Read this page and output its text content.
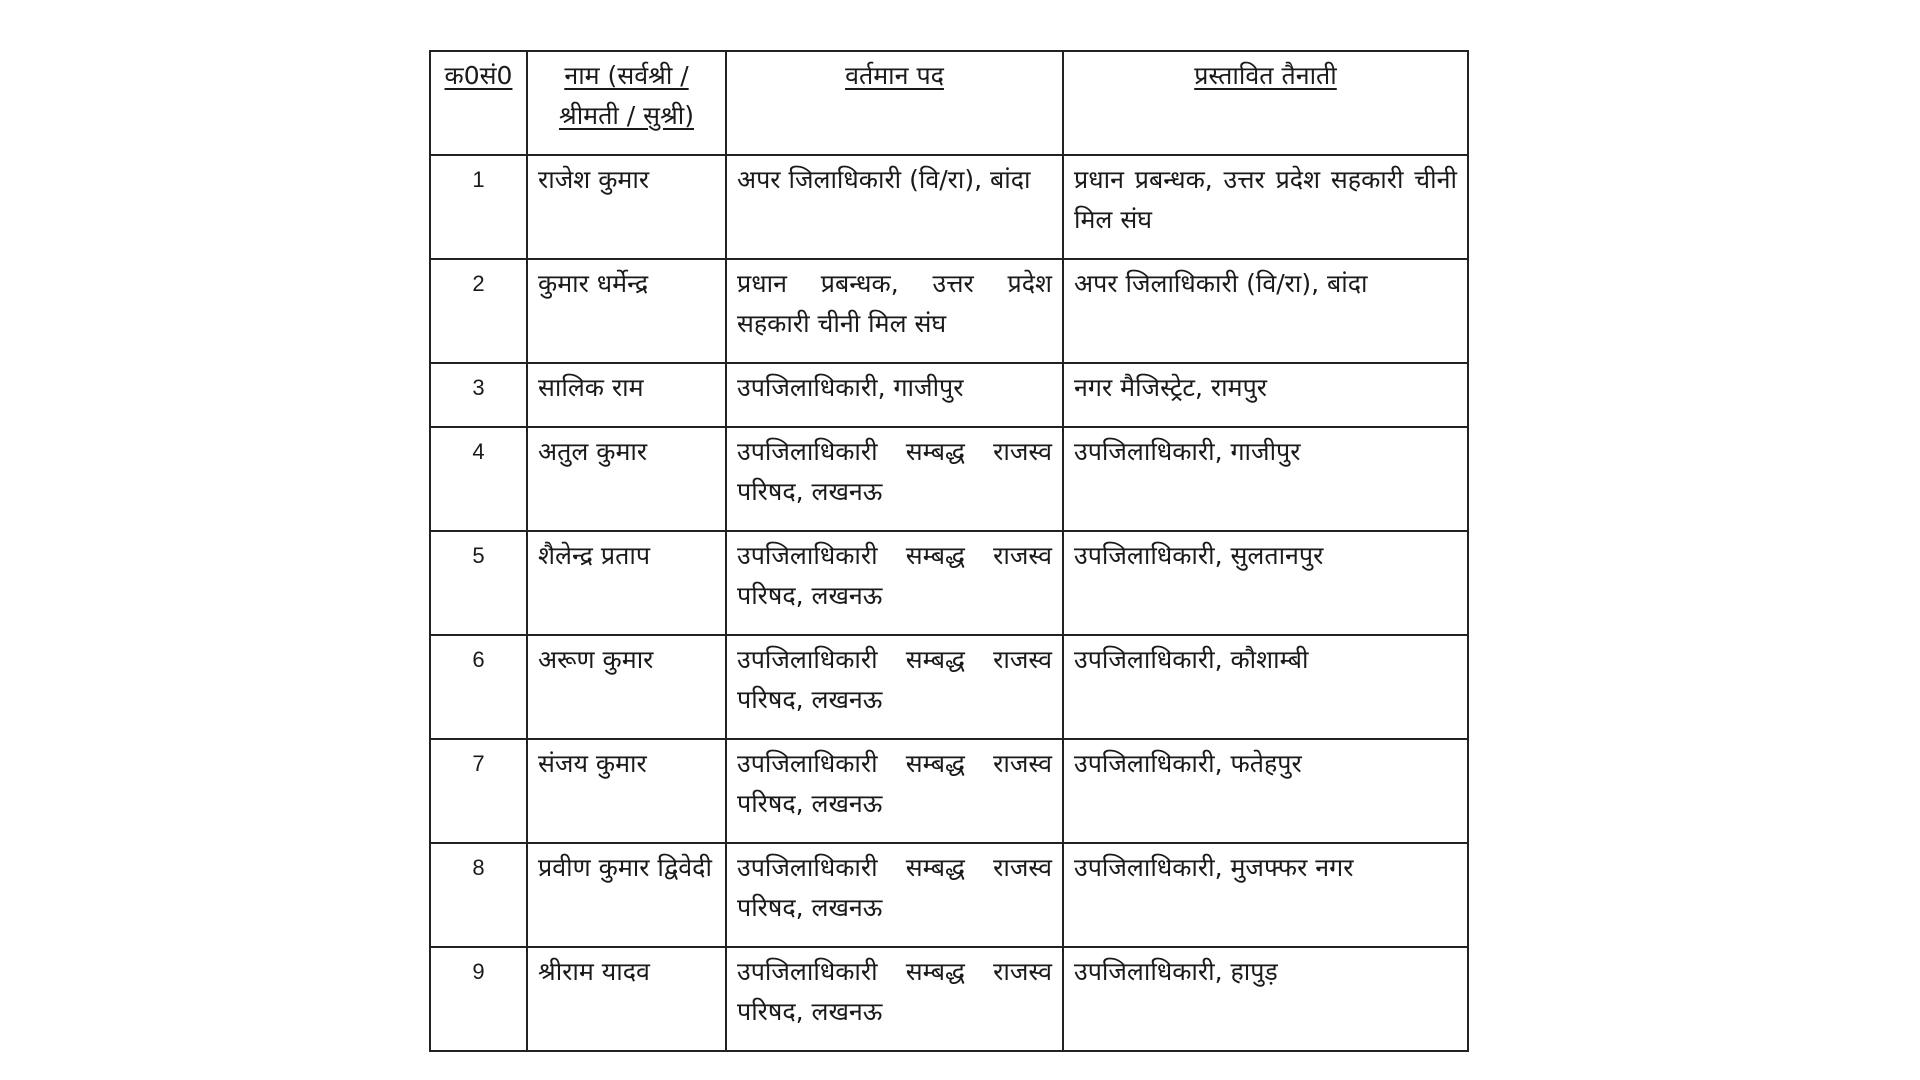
क0सं0	नाम (सर्वश्री / श्रीमती / सुश्री)	वर्तमान पद	प्रस्तावित तैनाती
1	राजेश कुमार	अपर जिलाधिकारी (वि/रा), बांदा	प्रधान प्रबन्धक, उत्तर प्रदेश सहकारी चीनी मिल संघ
2	कुमार धर्मेन्द्र	प्रधान प्रबन्धक, उत्तर प्रदेश सहकारी चीनी मिल संघ	अपर जिलाधिकारी (वि/रा), बांदा
3	सालिक राम	उपजिलाधिकारी, गाजीपुर	नगर मैजिस्ट्रेट, रामपुर
4	अतुल कुमार	उपजिलाधिकारी सम्बद्ध राजस्व परिषद, लखनऊ	उपजिलाधिकारी, गाजीपुर
5	शैलेन्द्र प्रताप	उपजिलाधिकारी सम्बद्ध राजस्व परिषद, लखनऊ	उपजिलाधिकारी, सुलतानपुर
6	अरूण कुमार	उपजिलाधिकारी सम्बद्ध राजस्व परिषद, लखनऊ	उपजिलाधिकारी, कौशाम्बी
7	संजय कुमार	उपजिलाधिकारी सम्बद्ध राजस्व परिषद, लखनऊ	उपजिलाधिकारी, फतेहपुर
8	प्रवीण कुमार द्विवेदी	उपजिलाधिकारी सम्बद्ध राजस्व परिषद, लखनऊ	उपजिलाधिकारी, मुजफ्फर नगर
9	श्रीराम यादव	उपजिलाधिकारी सम्बद्ध राजस्व परिषद, लखनऊ	उपजिलाधिकारी, हापुड़
